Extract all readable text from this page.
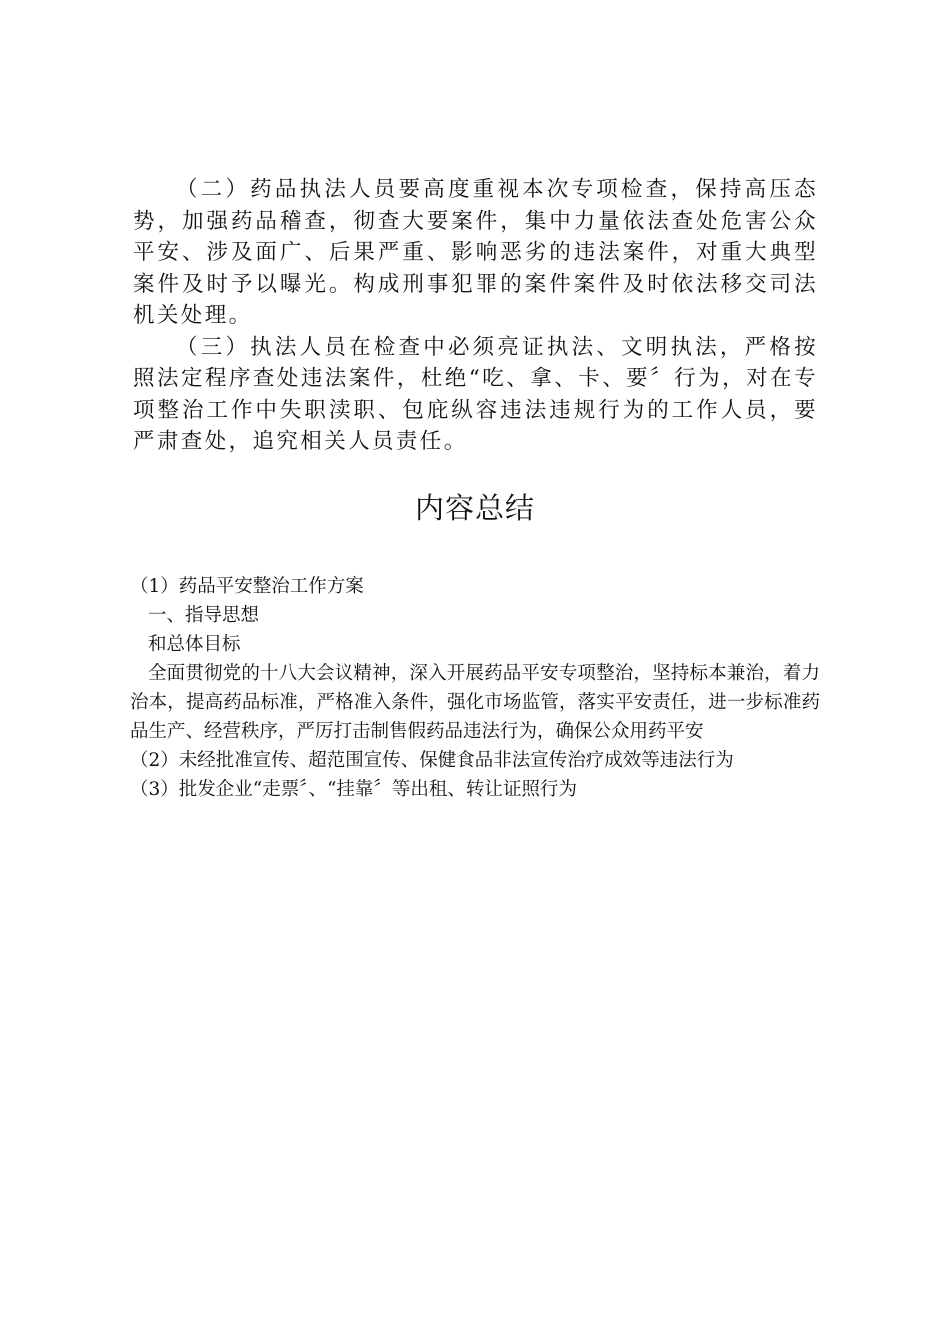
（二）药品执法人员要高度重视本次专项检查，保持高压态势，加强药品稽查，彻查大要案件，集中力量依法查处危害公众平安、涉及面广、后果严重、影响恶劣的违法案件，对重大典型案件及时予以曝光。构成刑事犯罪的案件案件及时依法移交司法机关处理。

（三）执法人员在检查中必须亮证执法、文明执法，严格按照法定程序查处违法案件，杜绝“吃、拿、卡、要〞行为，对在专项整治工作中失职渎职、包庇纵容违法违规行为的工作人员，要严肃查处，追究相关人员责任。

内容总结

（1）药品平安整治工作方案

一、指导思想

和总体目标

全面贯彻党的十八大会议精神，深入开展药品平安专项整治，坚持标本兼治，着力治本，提高药品标准，严格准入条件，强化市场监管，落实平安责任，进一步标准药品生产、经营秩序，严厉打击制售假药品违法行为，确保公众用药平安

（2）未经批准宣传、超范围宣传、保健食品非法宣传治疗成效等违法行为

（3）批发企业“走票〞、“挂靠〞等出租、转让证照行为
